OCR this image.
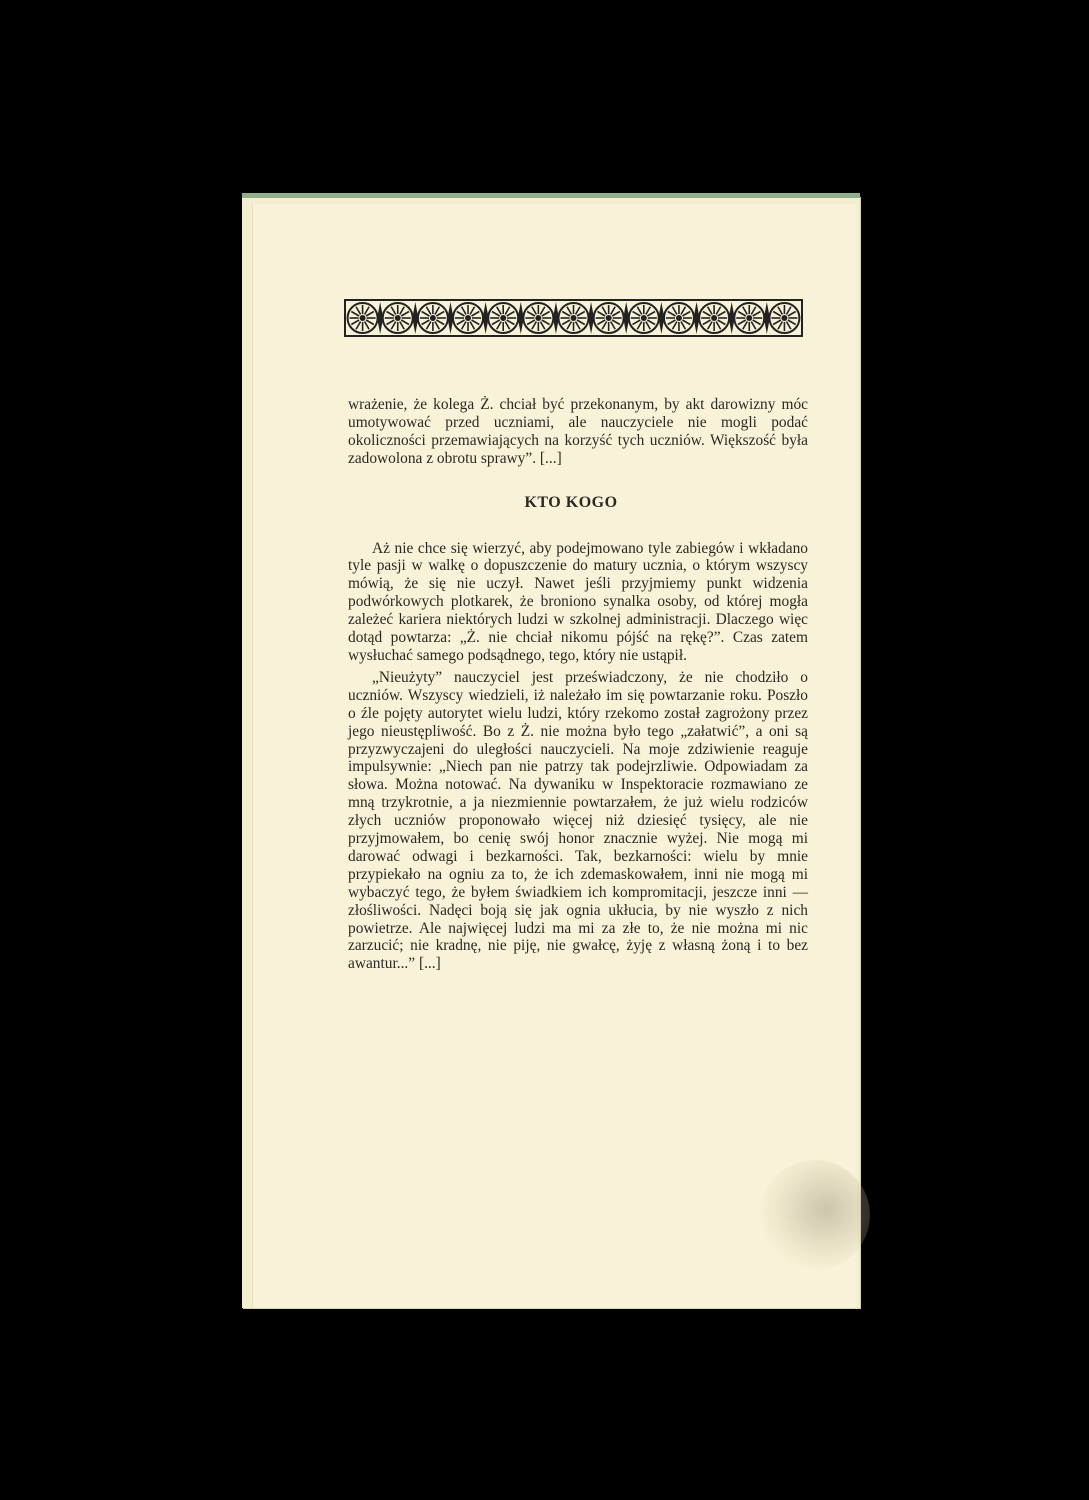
wrażenie, że kolega Ż. chciał być przekonanym, by akt darowizny móc umotywować przed uczniami, ale nauczyciele nie mogli podać okoliczności przemawiających na korzyść tych uczniów. Większość była zadowolona z obrotu sprawy”. [...]

KTO KOGO

Aż nie chce się wierzyć, aby podejmowano tyle zabiegów i wkładano tyle pasji w walkę o dopuszczenie do matury ucznia, o którym wszyscy mówią, że się nie uczył. Nawet jeśli przyjmiemy punkt widzenia podwórkowych plotkarek, że broniono synalka osoby, od której mogła zależeć kariera niektórych ludzi w szkolnej administracji. Dlaczego więc dotąd powtarza: „Ż. nie chciał nikomu pójść na rękę?”. Czas zatem wysłuchać samego podsądnego, tego, który nie ustąpił.

„Nieużyty” nauczyciel jest przeświadczony, że nie chodziło o uczniów. Wszyscy wiedzieli, iż należało im się powtarzanie roku. Poszło o źle pojęty autorytet wielu ludzi, który rzekomo został zagrożony przez jego nieustępliwość. Bo z Ż. nie można było tego „załatwić”, a oni są przyzwyczajeni do uległości nauczycieli. Na moje zdziwienie reaguje impulsywnie: „Niech pan nie patrzy tak podejrzliwie. Odpowiadam za słowa. Można notować. Na dywaniku w Inspektoracie rozmawiano ze mną trzykrotnie, a ja niezmiennie powtarzałem, że już wielu rodziców złych uczniów proponowało więcej niż dziesięć tysięcy, ale nie przyjmowałem, bo cenię swój honor znacznie wyżej. Nie mogą mi darować odwagi i bezkarności. Tak, bezkarności: wielu by mnie przypiekało na ogniu za to, że ich zdemaskowałem, inni nie mogą mi wybaczyć tego, że byłem świadkiem ich kompromitacji, jeszcze inni — złośliwości. Nadęci boją się jak ognia ukłucia, by nie wyszło z nich powietrze. Ale najwięcej ludzi ma mi za złe to, że nie można mi nic zarzucić; nie kradnę, nie piję, nie gwałcę, żyję z własną żoną i to bez awantur...” [...]
